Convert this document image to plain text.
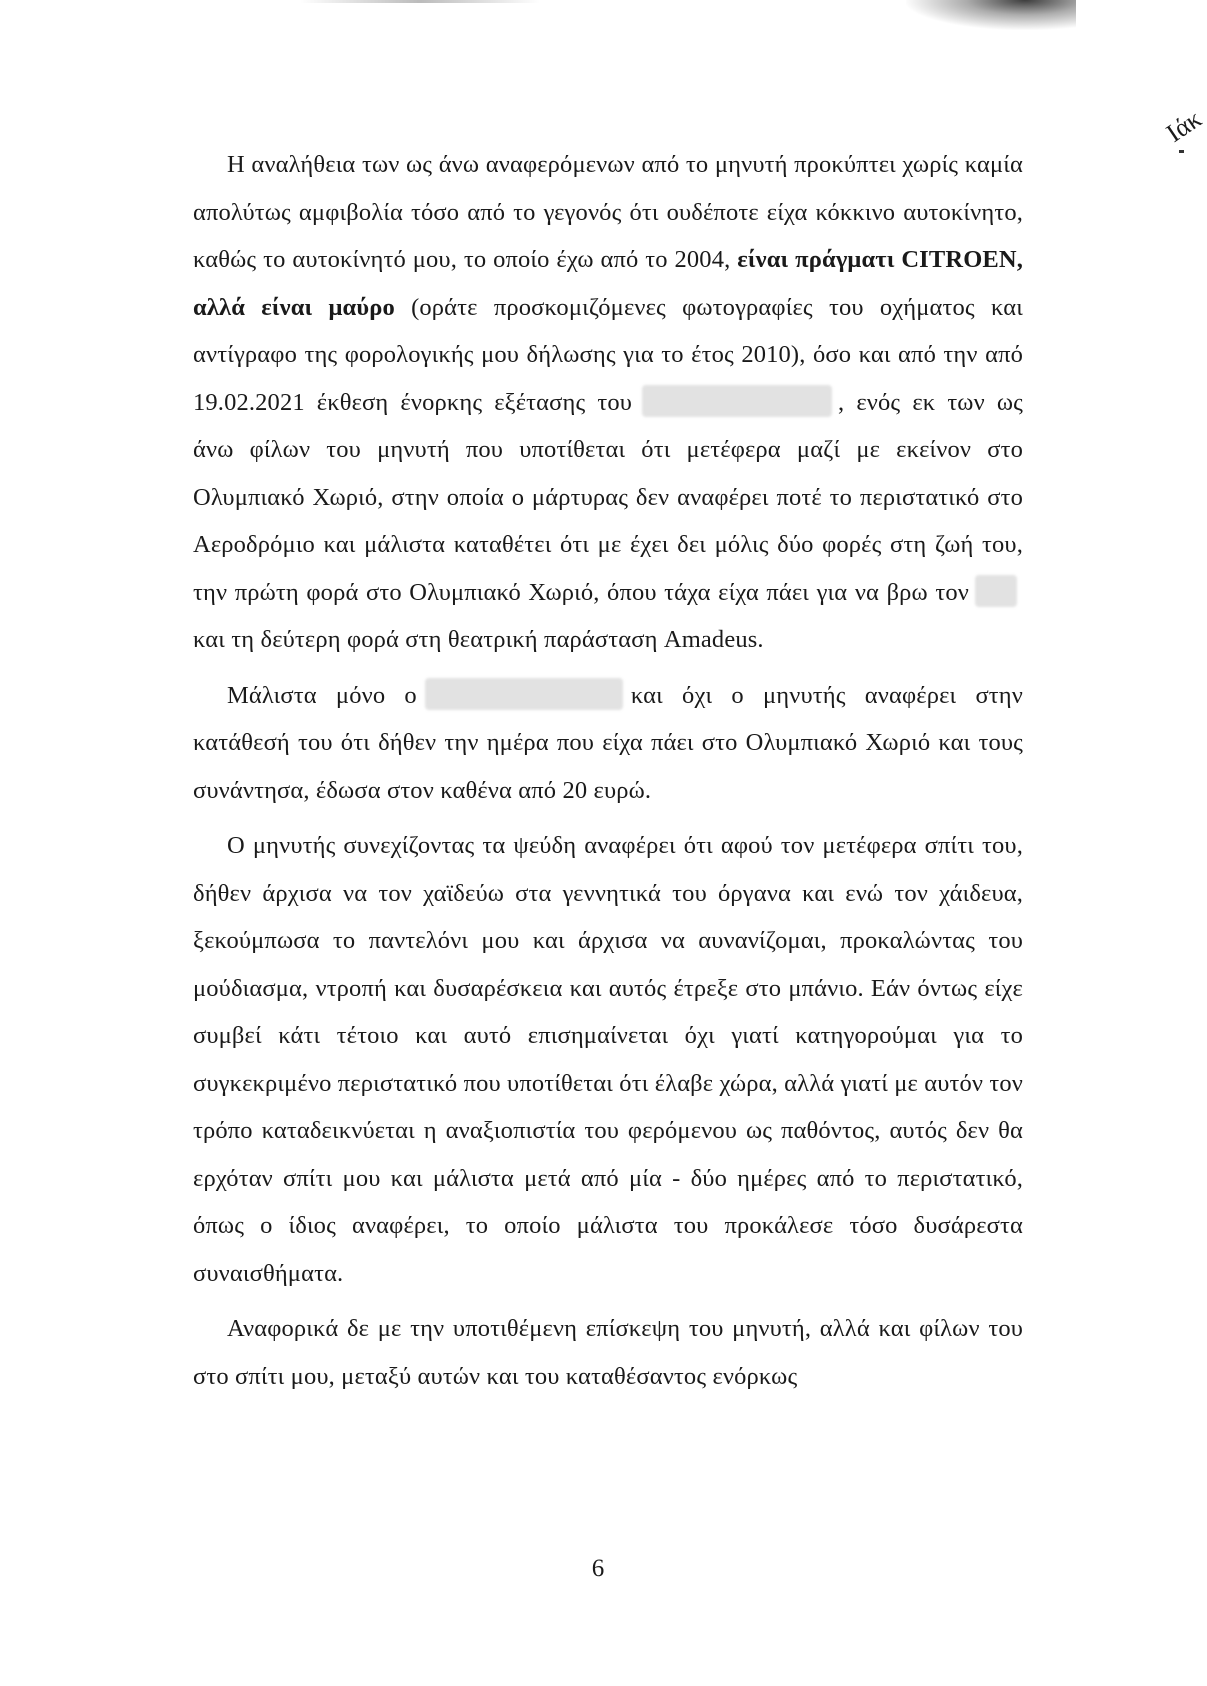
Ιάκ

Η αναλήθεια των ως άνω αναφερόμενων από το μηνυτή προκύπτει χωρίς καμία απολύτως αμφιβολία τόσο από το γεγονός ότι ουδέποτε είχα κόκκινο αυτοκίνητο, καθώς το αυτοκίνητό μου, το οποίο έχω από το 2004, είναι πράγματι CITROEN, αλλά είναι μαύρο (οράτε προσκομιζόμενες φωτογραφίες του οχήματος και αντίγραφο της φορολογικής μου δήλωσης για το έτος 2010), όσο και από την από 19.02.2021 έκθεση ένορκης εξέτασης του	, ενός εκ των ως άνω φίλων του μηνυτή που υποτίθεται ότι μετέφερα μαζί με εκείνον στο Ολυμπιακό Χωριό, στην οποία ο μάρτυρας δεν αναφέρει ποτέ το περιστατικό στο Αεροδρόμιο και μάλιστα καταθέτει ότι με έχει δει μόλις δύο φορές στη ζωή του, την πρώτη φορά στο Ολυμπιακό Χωριό, όπου τάχα είχα πάει για να βρω τονκαι τη δεύτερη φορά στη θεατρική παράσταση Amadeus.

Μάλιστα μόνο ο	και όχι ο μηνυτής αναφέρει στην κατάθεσή του ότι δήθεν την ημέρα που είχα πάει στο Ολυμπιακό Χωριό και τους συνάντησα, έδωσα στον καθένα από 20 ευρώ.

Ο μηνυτής συνεχίζοντας τα ψεύδη αναφέρει ότι αφού τον μετέφερα σπίτι του, δήθεν άρχισα να τον χαϊδεύω στα γεννητικά του όργανα και ενώ τον χάιδευα, ξεκούμπωσα το παντελόνι μου και άρχισα να αυνανίζομαι, προκαλώντας του μούδιασμα, ντροπή και δυσαρέσκεια και αυτός έτρεξε στο μπάνιο. Εάν όντως είχε συμβεί κάτι τέτοιο και αυτό επισημαίνεται όχι γιατί κατηγορούμαι για το συγκεκριμένο περιστατικό που υποτίθεται ότι έλαβε χώρα, αλλά γιατί με αυτόν τον τρόπο καταδεικνύεται η αναξιοπιστία του φερόμενου ως παθόντος, αυτός δεν θα ερχόταν σπίτι μου και μάλιστα μετά από μία - δύο ημέρες από το περιστατικό, όπως ο ίδιος αναφέρει, το οποίο μάλιστα του προκάλεσε τόσο δυσάρεστα συναισθήματα.

Αναφορικά δε με την υποτιθέμενη επίσκεψη του μηνυτή, αλλά και φίλων του στο σπίτι μου, μεταξύ αυτών και του καταθέσαντος ενόρκως

6
